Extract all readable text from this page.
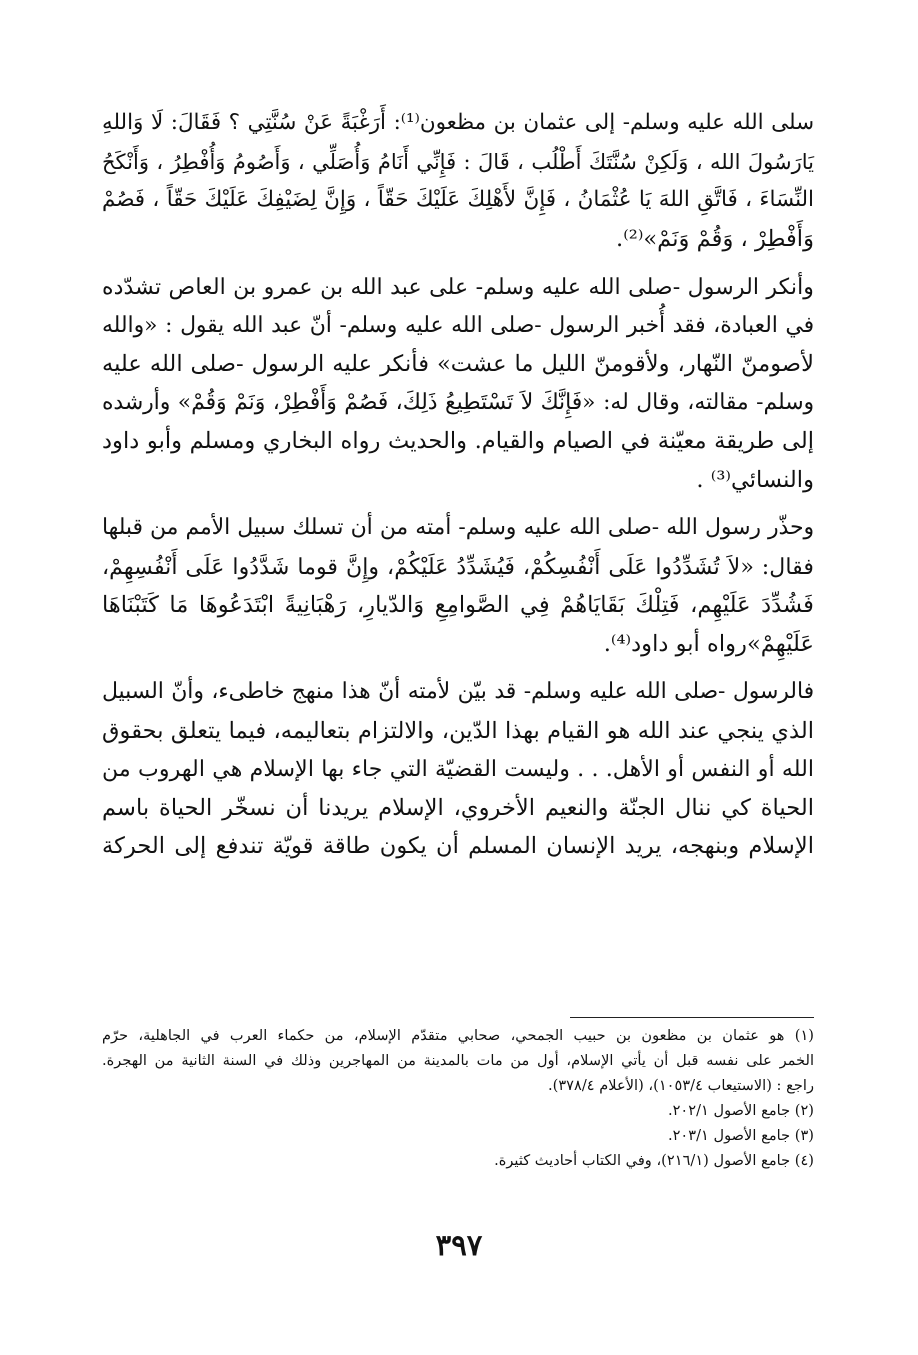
سلى الله عليه وسلم- إلى عثمان بن مظعون⁽¹⁾: أَرَغْبَةً عَنْ سُنَّتِي ؟ فَقَالَ: لَا وَاللهِ
يَارَسُولَ الله ، وَلَكِنْ سُنَّتَكَ أَطْلُب ، قَالَ : فَإِنِّي أَنَامُ وَأُصَلِّي ، وَأَصُومُ وَأُفْطِرُ ، وَأَنْكَحُ
النِّسَاءَ ، فَاتَّقِ اللهَ يَا عُثْمَانُ ، فَإِنَّ لأَهْلِكَ عَلَيْكَ حَقّاً ، وَإِنَّ لِضَيْفِكَ عَلَيْكَ حَقّاً ، فَصُمْ
وَأَفْطِرْ ، وَقُمْ وَنَمْ»⁽²⁾.

وأنكر الرسول -صلى الله عليه وسلم- على عبد الله بن عمرو بن العاص تشدّده
في العبادة، فقد أُخبر الرسول -صلى الله عليه وسلم- أنّ عبد الله يقول : «والله
لأصومنّ النّهار، ولأقومنّ الليل ما عشت» فأنكر عليه الرسول -صلى الله عليه
وسلم- مقالته، وقال له: «فَإِنَّكَ لاَ تَسْتَطِيعُ ذَلِكَ، فَصُمْ وَأَفْطِرْ، وَنَمْ وَقُمْ» وأرشده
إلى طريقة معيّنة في الصيام والقيام. والحديث رواه البخاري ومسلم وأبو داود
والنسائي⁽³⁾ .

وحذّر رسول الله -صلى الله عليه وسلم- أمته من أن تسلك سبيل الأمم من قبلها
فقال: «لاَ تُشَدِّدُوا عَلَى أَنْفُسِكُمْ، فَيُشَدِّدُ عَلَيْكُمْ، وإِنَّ قوما شَدَّدُوا عَلَى أَنْفُسِهِمْ،
فَشُدِّدَ عَلَيْهِم، فَتِلْكَ بَقَايَاهُمْ فِي الصَّوامِعِ وَالدّيارِ، رَهْبَانِيةً ابْتَدَعُوهَا مَا كَتَبْنَاهَا
عَلَيْهِمْ»رواه أبو داود⁽⁴⁾.

فالرسول -صلى الله عليه وسلم- قد بيّن لأمته أنّ هذا منهج خاطىء، وأنّ السبيل
الذي ينجي عند الله هو القيام بهذا الدّين، والالتزام بتعاليمه، فيما يتعلق بحقوق
الله أو النفس أو الأهل. . . وليست القضيّة التي جاء بها الإسلام هي الهروب من
الحياة كي ننال الجنّة والنعيم الأخروي، الإسلام يريدنا أن نسخّر الحياة باسم
الإسلام وبنهجه، يريد الإنسان المسلم أن يكون طاقة قويّة تندفع إلى الحركة

(١) هو عثمان بن مظعون بن حبيب الجمحي، صحابي متقدّم الإسلام، من حكماء العرب في الجاهلية، حرّم
الخمر على نفسه قبل أن يأتي الإسلام، أول من مات بالمدينة من المهاجرين وذلك في السنة الثانية من الهجرة.
راجع : (الاستيعاب ١٠٥٣/٤)، (الأعلام ٣٧٨/٤).
(٢) جامع الأصول ٢٠٢/١.
(٣) جامع الأصول ٢٠٣/١.
(٤) جامع الأصول (٢١٦/١)، وفي الكتاب أحاديث كثيرة.
٣٩٧
